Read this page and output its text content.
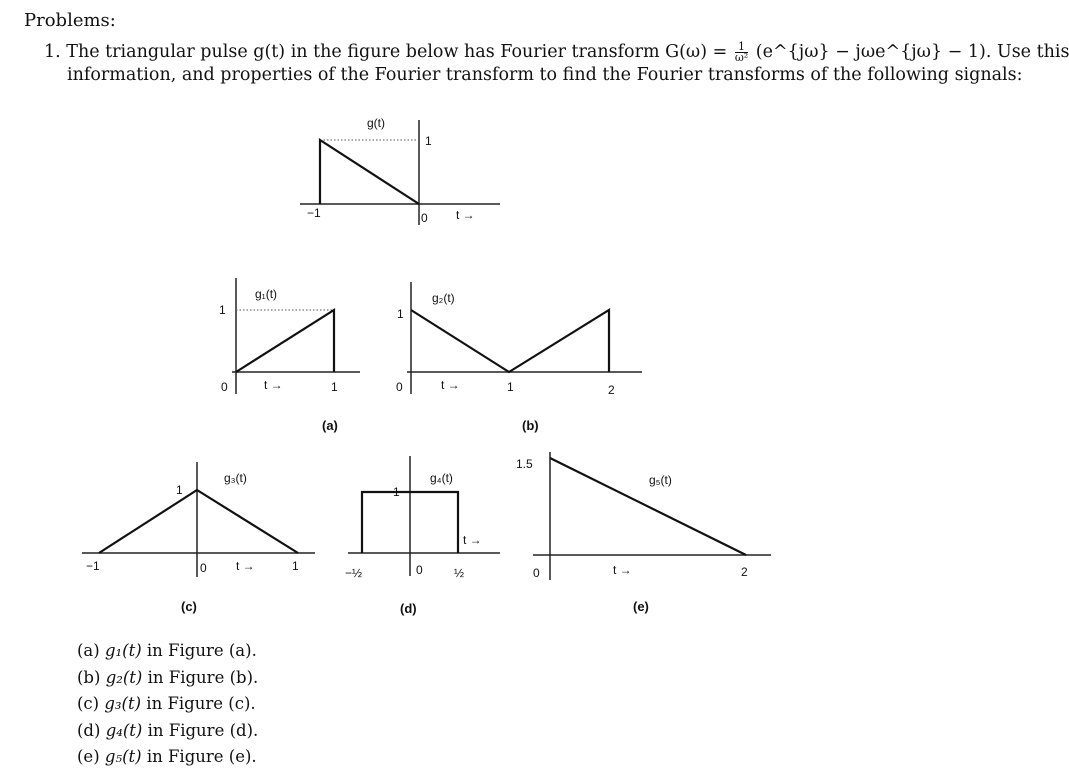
Problems:
1. The triangular pulse g(t) in the figure below has Fourier transform $G(\omega) = \frac{1}{\text{ω²}}$ (e^{jω} − jωe^{jω} − 1). Use this
information, and properties of the Fourier transform to find the Fourier transforms of the following signals:
g(t)
1
−1	0 t →
g₁(t)
1
0	t →	1
(a)
g₂(t)
1
0	t →	1	2
(b)
g₃(t)
1
−1	0 t →	1
(c)
g₄(t)
1
−½	0	½
t →
(d)
g₅(t)
1.5
0	t →	2
(e)
(a) g₁(t) in Figure (a).
(b) g₂(t) in Figure (b).
(c) g₃(t) in Figure (c).
(d) g₄(t) in Figure (d).
(e) g₅(t) in Figure (e).
